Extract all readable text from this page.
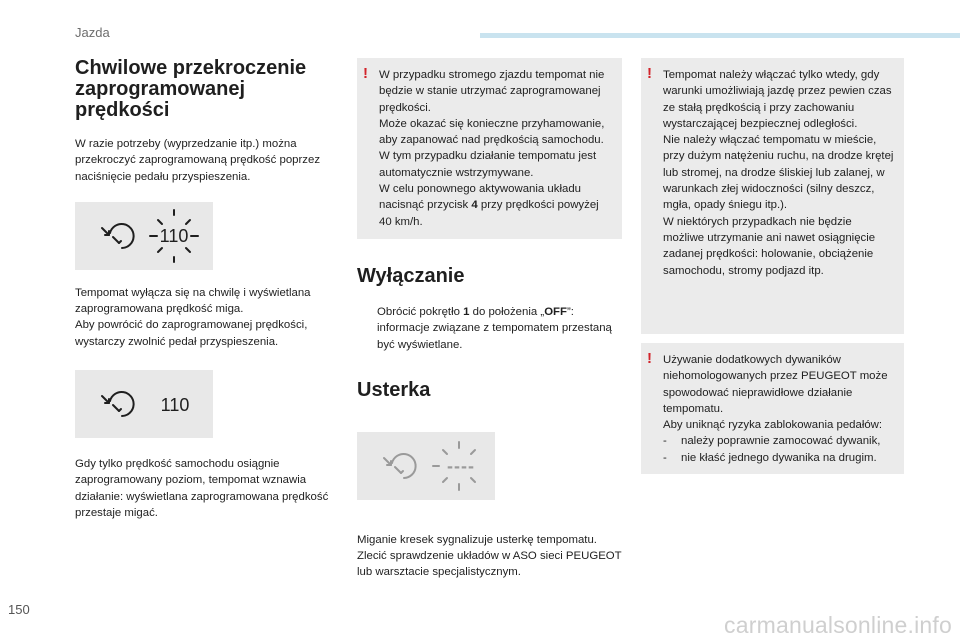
Jazda
Chwilowe przekroczenie zaprogramowanej prędkości

W razie potrzeby (wyprzedzanie itp.) można przekroczyć zaprogramowaną prędkość poprzez naciśnięcie pedału przyspieszenia.

110

Tempomat wyłącza się na chwilę i wyświetlana zaprogramowana prędkość miga.
Aby powrócić do zaprogramowanej prędkości, wystarczy zwolnić pedał przyspieszenia.

110

Gdy tylko prędkość samochodu osiągnie zaprogramowany poziom, tempomat wznawia działanie: wyświetlana zaprogramowana prędkość przestaje migać.

! W przypadku stromego zjazdu tempomat nie będzie w stanie utrzymać zaprogramowanej prędkości.
Może okazać się konieczne przyhamowanie, aby zapanować nad prędkością samochodu. W tym przypadku działanie tempomatu jest automatycznie wstrzymywane.
W celu ponownego aktywowania układu nacisnąć przycisk 4 przy prędkości powyżej 40 km/h.
Wyłączanie
Obrócić pokrętło 1 do położenia „OFF”: informacje związane z tempomatem przestaną być wyświetlane.
Usterka
----

Miganie kresek sygnalizuje usterkę tempomatu. Zlecić sprawdzenie układów w ASO sieci PEUGEOT lub warsztacie specjalistycznym.

! Tempomat należy włączać tylko wtedy, gdy warunki umożliwiają jazdę przez pewien czas ze stałą prędkością i przy zachowaniu wystarczającej bezpiecznej odległości.
Nie należy włączać tempomatu w mieście, przy dużym natężeniu ruchu, na drodze krętej lub stromej, na drodze śliskiej lub zalanej, w warunkach złej widoczności (silny deszcz, mgła, opady śniegu itp.).
W niektórych przypadkach nie będzie możliwe utrzymanie ani nawet osiągnięcie zadanej prędkości: holowanie, obciążenie samochodu, stromy podjazd itp.
! Używanie dodatkowych dywaników niehomologowanych przez PEUGEOT może spowodować nieprawidłowe działanie tempomatu.
Aby uniknąć ryzyka zablokowania pedałów:
-	należy poprawnie zamocować dywanik,
-	nie kłaść jednego dywanika na drugim.
150
carmanualsonline.info
